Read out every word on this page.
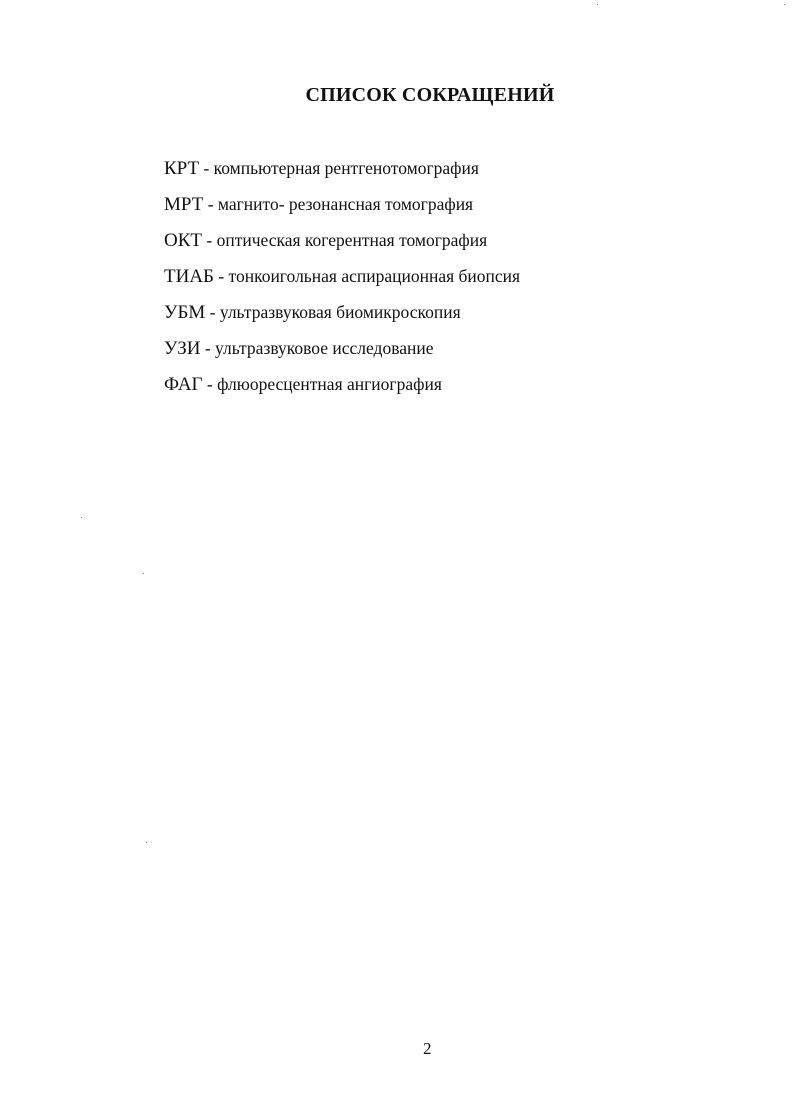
СПИСОК СОКРАЩЕНИЙ
КРТ - компьютерная рентгенотомография
МРТ - магнито- резонансная томография
ОКТ - оптическая когерентная томография
ТИАБ - тонкоигольная аспирационная биопсия
УБМ - ультразвуковая биомикроскопия
УЗИ - ультразвуковое исследование
ФАГ - флюоресцентная ангиография
2
